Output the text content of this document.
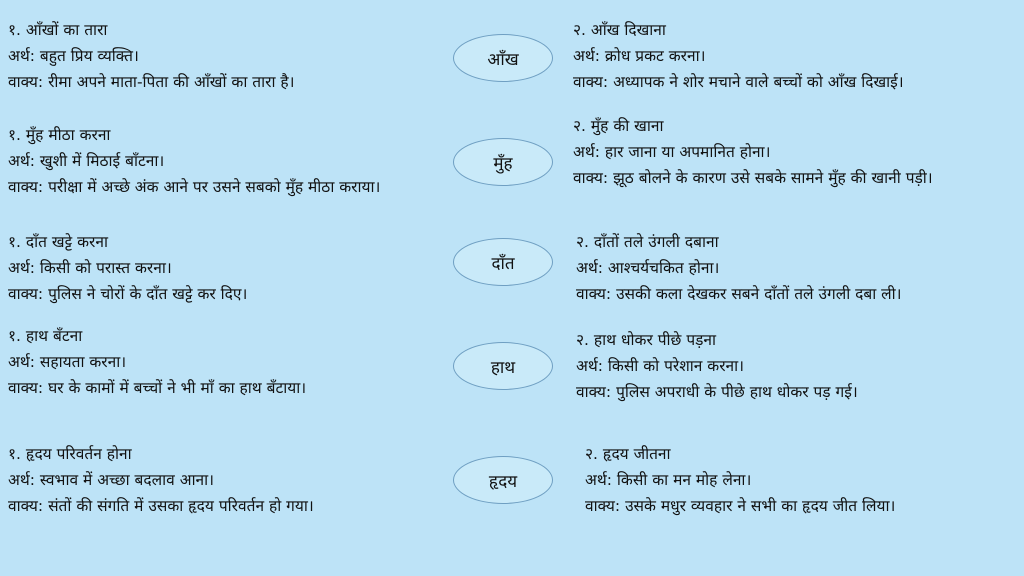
१. आँखों का तारा
अर्थ: बहुत प्रिय व्यक्ति।
वाक्य: रीमा अपने माता-पिता की आँखों का तारा है।
आँख
२. आँख दिखाना
अर्थ: क्रोध प्रकट करना।
वाक्य: अध्यापक ने शोर मचाने वाले बच्चों को आँख दिखाई।
१. मुँह मीठा करना
अर्थ: खुशी में मिठाई बाँटना।
वाक्य: परीक्षा में अच्छे अंक आने पर उसने सबको मुँह मीठा कराया।
मुँह
२. मुँह की खाना
अर्थ: हार जाना या अपमानित होना।
वाक्य: झूठ बोलने के कारण उसे सबके सामने मुँह की खानी पड़ी।
१. दाँत खट्टे करना
अर्थ: किसी को परास्त करना।
वाक्य: पुलिस ने चोरों के दाँत खट्टे कर दिए।
दाँत
२. दाँतों तले उंगली दबाना
अर्थ: आश्चर्यचकित होना।
वाक्य: उसकी कला देखकर सबने दाँतों तले उंगली दबा ली।
१. हाथ बँटना
अर्थ: सहायता करना।
वाक्य: घर के कामों में बच्चों ने भी माँ का हाथ बँटाया।
हाथ
२. हाथ धोकर पीछे पड़ना
अर्थ: किसी को परेशान करना।
वाक्य: पुलिस अपराधी के पीछे हाथ धोकर पड़ गई।
१. हृदय परिवर्तन होना
अर्थ: स्वभाव में अच्छा बदलाव आना।
वाक्य: संतों की संगति में उसका हृदय परिवर्तन हो गया।
हृदय
२. हृदय जीतना
अर्थ: किसी का मन मोह लेना।
वाक्य: उसके मधुर व्यवहार ने सभी का हृदय जीत लिया।
